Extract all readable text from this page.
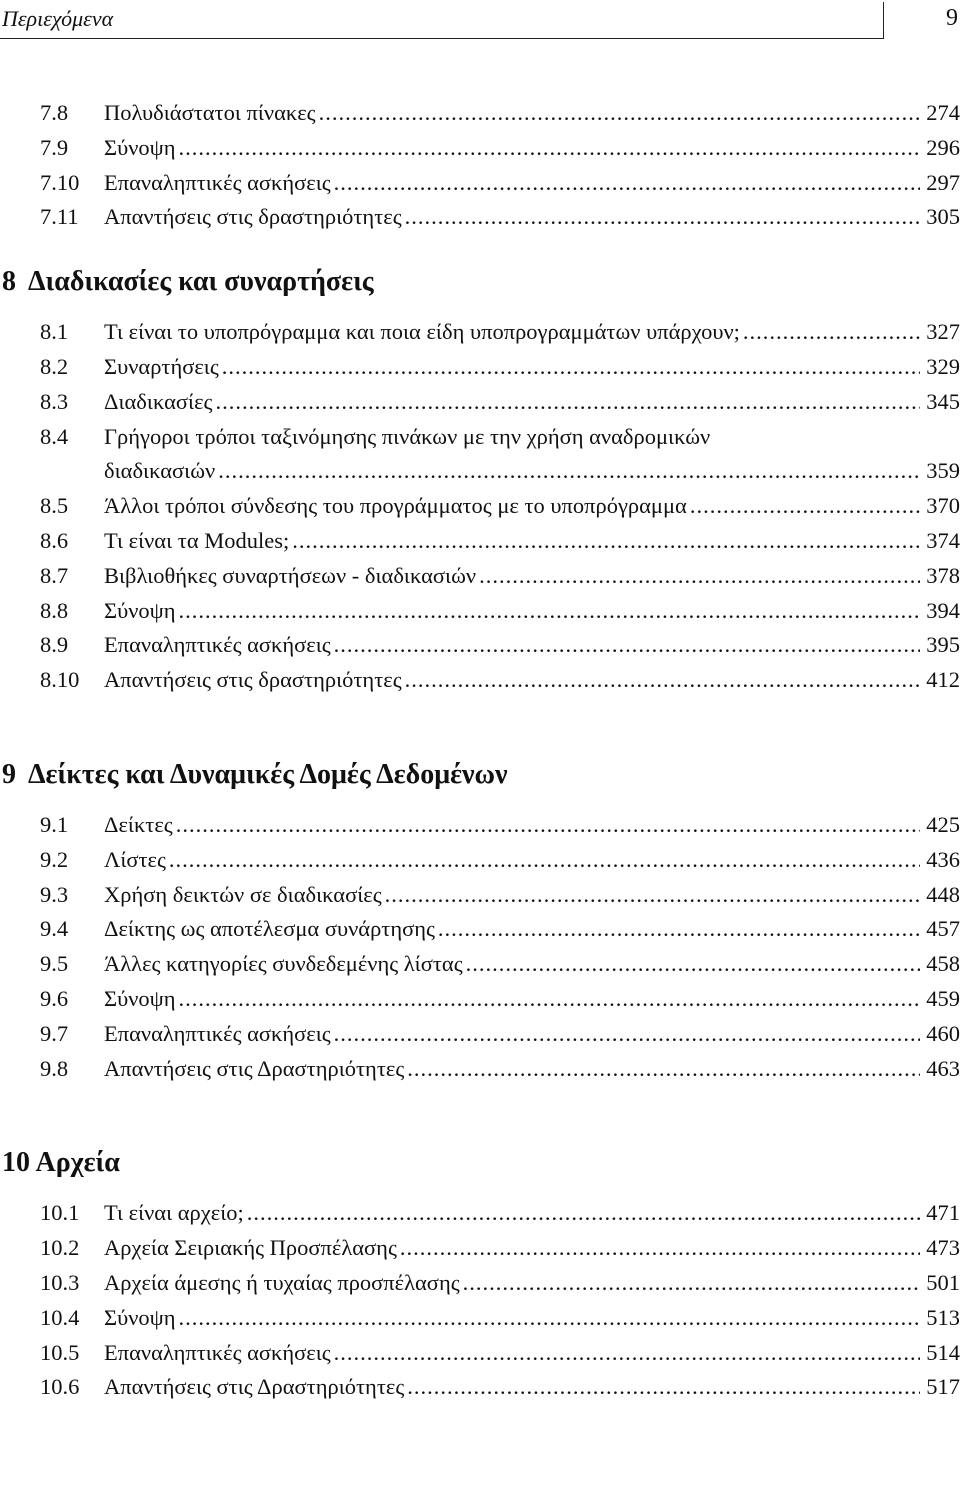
Περιεχόμενα	9
7.8 Πολυδιάστατοι πίνακες .....	274
7.9 Σύνοψη .....	296
7.10 Επαναληπτικές ασκήσεις .....	297
7.11 Απαντήσεις στις δραστηριότητες .....	305
8 Διαδικασίες και συναρτήσεις
8.1 Τι είναι το υποπρόγραμμα και ποια είδη υποπρογραμμάτων υπάρχουν; .....	327
8.2 Συναρτήσεις .....	329
8.3 Διαδικασίες .....	345
8.4 Γρήγοροι τρόποι ταξινόμησης πινάκων με την χρήση αναδρομικών
διαδικασιών .....	359
8.5 Άλλοι τρόποι σύνδεσης του προγράμματος με το υποπρόγραμμα .....	370
8.6 Τι είναι τα Modules; .....	374
8.7 Βιβλιοθήκες συναρτήσεων - διαδικασιών .....	378
8.8 Σύνοψη .....	394
8.9 Επαναληπτικές ασκήσεις .....	395
8.10 Απαντήσεις στις δραστηριότητες .....	412
9 Δείκτες και Δυναμικές Δομές Δεδομένων
9.1 Δείκτες .....	425
9.2 Λίστες .....	436
9.3 Χρήση δεικτών σε διαδικασίες .....	448
9.4 Δείκτης ως αποτέλεσμα συνάρτησης .....	457
9.5 Άλλες κατηγορίες συνδεδεμένης λίστας .....	458
9.6 Σύνοψη .....	459
9.7 Επαναληπτικές ασκήσεις .....	460
9.8 Απαντήσεις στις Δραστηριότητες .....	463
10 Αρχεία
10.1 Τι είναι αρχείο; .....	471
10.2 Αρχεία Σειριακής Προσπέλασης .....	473
10.3 Αρχεία άμεσης ή τυχαίας προσπέλασης .....	501
10.4 Σύνοψη .....	513
10.5 Επαναληπτικές ασκήσεις .....	514
10.6 Απαντήσεις στις Δραστηριότητες .....	517
